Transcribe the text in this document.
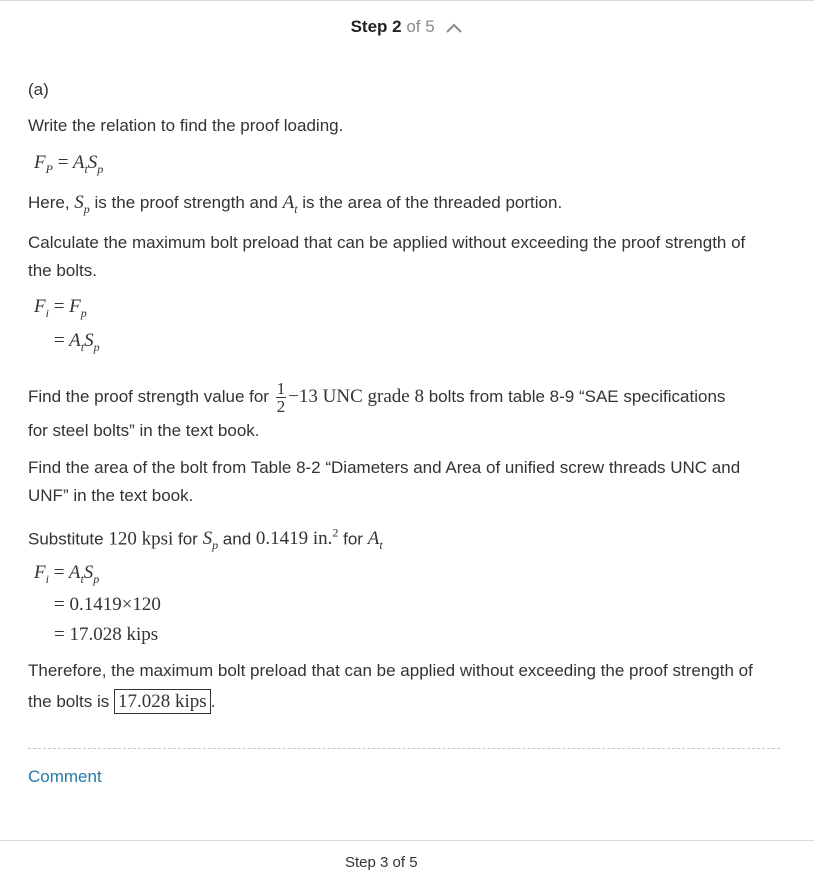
Step 2 of 5
(a)
Write the relation to find the proof loading.
$F_P = A_tS_p$
Here, $S_p$ is the proof strength and $A_t$ is the area of the threaded portion.
Calculate the maximum bolt preload that can be applied without exceeding the proof strength of
the bolts.
$F_i = F_p$
= $A_tS_p$
Find the proof strength value for $\frac{1}{2} -13$ UNC grade 8 bolts from table 8-9 “SAE specifications
for steel bolts” in the text book.
Find the area of the bolt from Table 8-2 “Diameters and Area of unified screw threads UNC and
UNF” in the text book.
Substitute 120 kpsi for $S_p$ and 0.1419 in.$^2$ for $A_t$
$F_i = A_tS_p$
= 0.1419×120
= 17.028 kips
Therefore, the maximum bolt preload that can be applied without exceeding the proof strength of
the bolts is 17.028 kips .
Comment
Step 3 of 5
